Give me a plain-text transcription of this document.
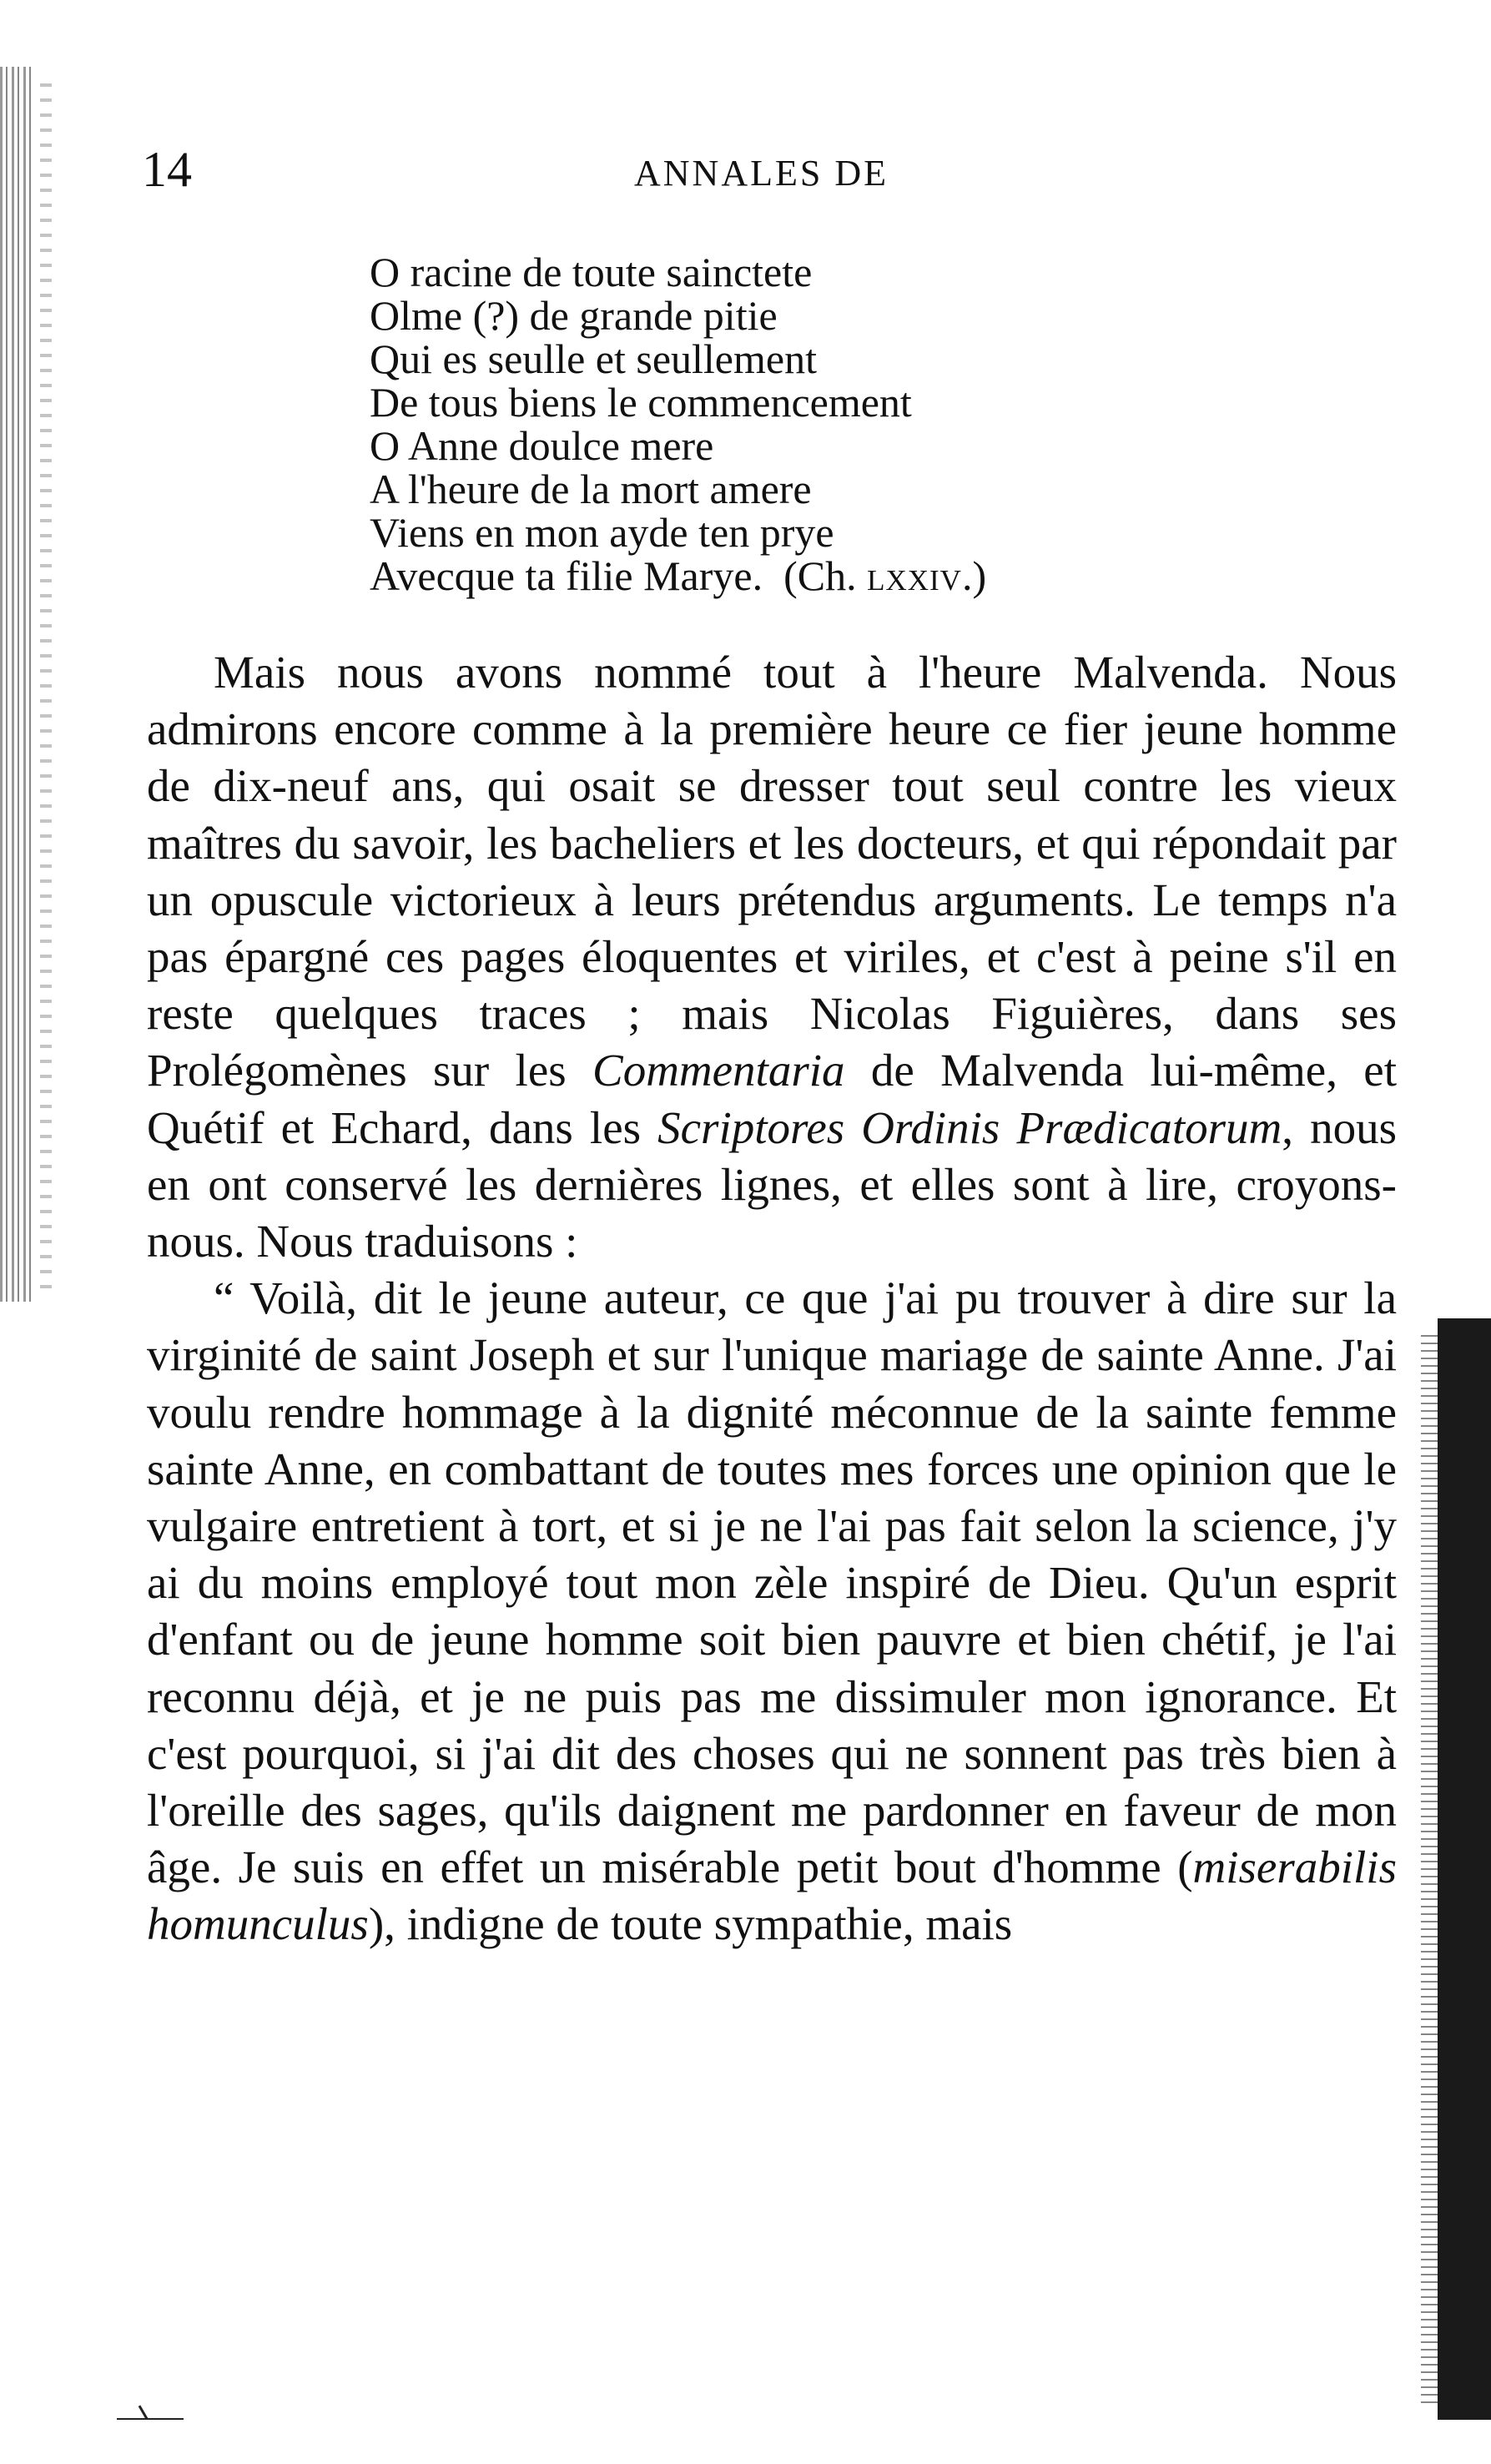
14	ANNALES DE
O racine de toute sainctete
Olme (?) de grande pitie
Qui es seulle et seullement
De tous biens le commencement
O Anne doulce mere
A l'heure de la mort amere
Viens en mon ayde ten prye
Avecque ta filie Marye. (Ch. lxxiv.)

Mais nous avons nommé tout à l'heure Malvenda. Nous admirons encore comme à la première heure ce fier jeune homme de dix-neuf ans, qui osait se dresser tout seul contre les vieux maîtres du savoir, les bacheliers et les docteurs, et qui répondait par un opuscule victorieux à leurs prétendus arguments. Le temps n'a pas épargné ces pages éloquentes et viriles, et c'est à peine s'il en reste quelques traces ; mais Nicolas Figuières, dans ses Prolégomènes sur les Commentaria de Malvenda lui-même, et Quétif et Echard, dans les Scriptores Ordinis Prædicatorum, nous en ont conservé les dernières lignes, et elles sont à lire, croyons-nous. Nous traduisons :

“ Voilà, dit le jeune auteur, ce que j'ai pu trouver à dire sur la virginité de saint Joseph et sur l'unique mariage de sainte Anne. J'ai voulu rendre hommage à la dignité méconnue de la sainte femme sainte Anne, en combattant de toutes mes forces une opinion que le vulgaire entretient à tort, et si je ne l'ai pas fait selon la science, j'y ai du moins employé tout mon zèle inspiré de Dieu. Qu'un esprit d'enfant ou de jeune homme soit bien pauvre et bien chétif, je l'ai reconnu déjà, et je ne puis pas me dissimuler mon ignorance. Et c'est pourquoi, si j'ai dit des choses qui ne sonnent pas très bien à l'oreille des sages, qu'ils daignent me pardonner en faveur de mon âge. Je suis en effet un misérable petit bout d'homme (miserabilis homunculus), indigne de toute sympathie, mais
